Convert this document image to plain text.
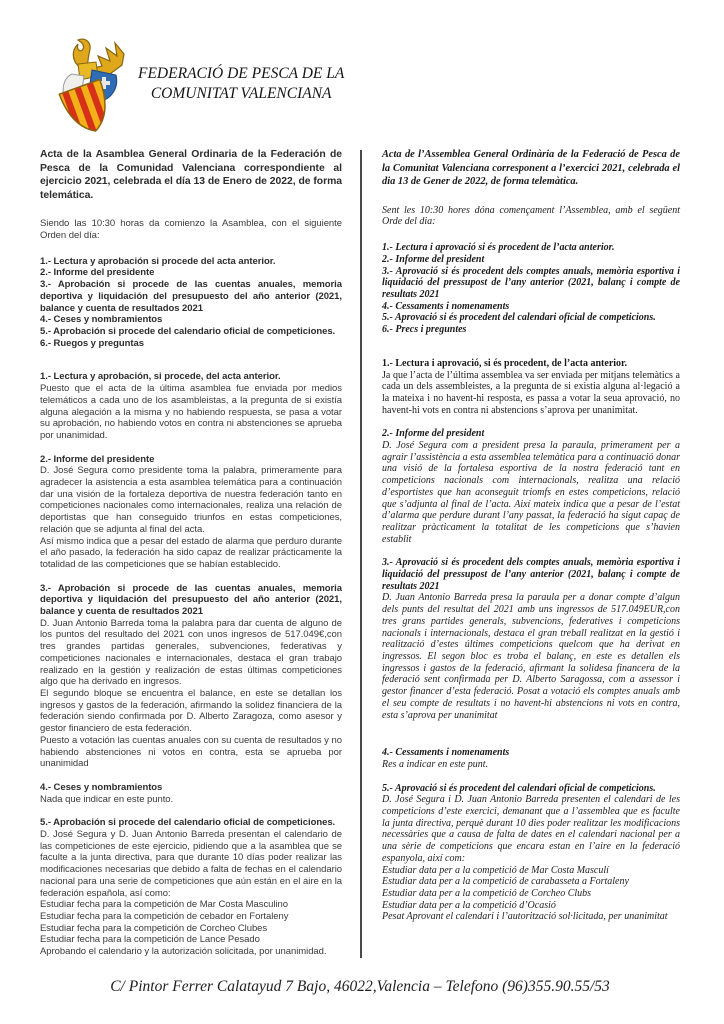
FEDERACIÓ DE PESCA DE LA
COMUNITAT VALENCIANA

Acta de la Asamblea General Ordinaria de la Federación de Pesca de la Comunidad Valenciana correspondiente al ejercicio 2021, celebrada el día 13 de Enero de 2022, de forma telemática.

Siendo las 10:30 horas da comienzo la Asamblea, con el siguiente Orden del día:

1.- Lectura y aprobación si procede del acta anterior.

2.- Informe del presidente

3.- Aprobación si procede de las cuentas anuales, memoria deportiva y liquidación del presupuesto del año anterior (2021, balance y cuenta de resultados 2021

4.- Ceses y nombramientos

5.- Aprobación si procede del calendario oficial de competiciones.

6.- Ruegos y preguntas

1.- Lectura y aprobación, si procede, del acta anterior.

Puesto que el acta de la última asamblea fue enviada por medios telemáticos a cada uno de los asambleistas, a la pregunta de si existía alguna alegación a la misma y no habiendo respuesta, se pasa a votar su aprobación, no habiendo votos en contra ni abstenciones se aprueba por unanimidad.

2.- Informe del presidente

D. José Segura como presidente toma la palabra, primeramente para agradecer la asistencia a esta asamblea telemática para a continuación dar una visión de la fortaleza deportiva de nuestra federación tanto en competiciones nacionales como internacionales, realiza una relación de deportistas que han conseguido triunfos en estas competiciones, relación que se adjunta al final del acta.

Así mismo indica que a pesar del estado de alarma que perduro durante el año pasado, la federación ha sido capaz de realizar prácticamente la totalidad de las competiciones que se habían establecido.

3.- Aprobación si procede de las cuentas anuales, memoria deportiva y liquidación del presupuesto del año anterior (2021, balance y cuenta de resultados 2021

D. Juan Antonio Barreda toma la palabra para dar cuenta de alguno de los puntos del resultado del 2021 con unos ingresos de 517.049€,con tres grandes partidas generales, subvenciones, federativas y competiciones nacionales e internacionales, destaca el gran trabajo realizado en la gestión y realización de estas últimas competiciones algo que ha derivado en ingresos.

El segundo bloque se encuentra el balance, en este se detallan los ingresos y gastos de la federación, afirmando la solidez financiera de la federación siendo confirmada por D. Alberto Zaragoza, como asesor y gestor financiero de esta federación.

Puesto a votación las cuentas anuales con su cuenta de resultados y no habiendo abstenciones ni votos en contra, esta se aprueba por unanimidad

4.- Ceses y nombramientos

Nada que indicar en este punto.

5.- Aprobación si procede del calendario oficial de competiciones.

D. José Segura y D. Juan Antonio Barreda presentan el calendario de las competiciones de este ejercicio, pidiendo que a la asamblea que se faculte a la junta directiva, para que durante 10 días poder realizar las modificaciones necesarias que debido a falta de fechas en el calendario nacional para una serie de competiciones que aún están en el aire en la federación española, así como:

Estudiar fecha para la competición de Mar Costa Masculino

Estudiar fecha para la competición de cebador en Fortaleny

Estudiar fecha para la competición de Corcheo Clubes

Estudiar fecha para la competición de Lance Pesado

Aprobando el calendario y la autorización solicitada, por unanimidad.

Acta de l’Assemblea General Ordinària de la Federació de Pesca de la Comunitat Valenciana corresponent a l’exercici 2021, celebrada el dia 13 de Gener de 2022, de forma telemàtica.

Sent les 10:30 hores dóna començament l’Assemblea, amb el següent Orde del dia:

1.- Lectura i aprovació si és procedent de l’acta anterior.

2.- Informe del president

3.- Aprovació si és procedent dels comptes anuals, memòria esportiva i liquidació del pressupost de l’any anterior (2021, balanç i compte de resultats 2021

4.- Cessaments i nomenaments

5.- Aprovació si és procedent del calendari oficial de competicions.

6.- Precs i preguntes

1.- Lectura i aprovació, si és procedent, de l’acta anterior.

Ja que l’acta de l’última assemblea va ser enviada per mitjans telemàtics a cada un dels assembleistes, a la pregunta de si existia alguna al·legació a la mateixa i no havent-hi resposta, es passa a votar la seua aprovació, no havent-hi vots en contra ni abstencions s’aprova per unanimitat.

2.- Informe del president

D. José Segura com a president presa la paraula, primerament per a agrair l’assistència a esta assemblea telemàtica para a continuació donar una visió de la fortalesa esportiva de la nostra federació tant en competicions nacionals com internacionals, realitza una relació d’esportistes que han aconseguit triomfs en estes competicions, relació que s’adjunta al final de l’acta. Així mateix indica que a pesar de l’estat d’alarma que perdure durant l’any passat, la federació ha sigut capaç de realitzar pràcticament la totalitat de les competicions que s’havien establit

3.- Aprovació si és procedent dels comptes anuals, memòria esportiva i liquidació del pressupost de l’any anterior (2021, balanç i compte de resultats 2021

D. Juan Antonio Barreda presa la paraula per a donar compte d’algun dels punts del resultat del 2021 amb uns ingressos de 517.049EUR,con tres grans partides generals, subvencions, federatives i competicions nacionals i internacionals, destaca el gran treball realitzat en la gestió i realització d’estes últimes competicions quelcom que ha derivat en ingressos. El segon bloc es troba el balanç, en este es detallen els ingressos i gastos de la federació, afirmant la solidesa financera de la federació sent confirmada per D. Alberto Saragossa, com a assessor i gestor financer d’esta federació. Posat a votació els comptes anuals amb el seu compte de resultats i no havent-hi abstencions ni vots en contra, esta s’aprova per unanimitat

4.- Cessaments i nomenaments

Res a indicar en este punt.

5.- Aprovació si és procedent del calendari oficial de competicions.

D. José Segura i D. Juan Antonio Barreda presenten el calendari de les competicions d’este exercici, demanant que a l’assemblea que es faculte la junta directiva, perquè durant 10 dies poder realitzar les modificacions necessàries que a causa de falta de dates en el calendari nacional per a una sèrie de competicions que encara estan en l’aire en la federació espanyola, així com:

Estudiar data per a la competició de Mar Costa Masculí

Estudiar data per a la competició de carabasseta a Fortaleny

Estudiar data per a la competició de Corcheo Clubs

Estudiar data per a la competició d’Ocasió

Pesat Aprovant el calendari i l’autorització sol·licitada, per unanimitat

C/ Pintor Ferrer Calatayud 7 Bajo, 46022,Valencia – Telefono (96)355.90.55/53
